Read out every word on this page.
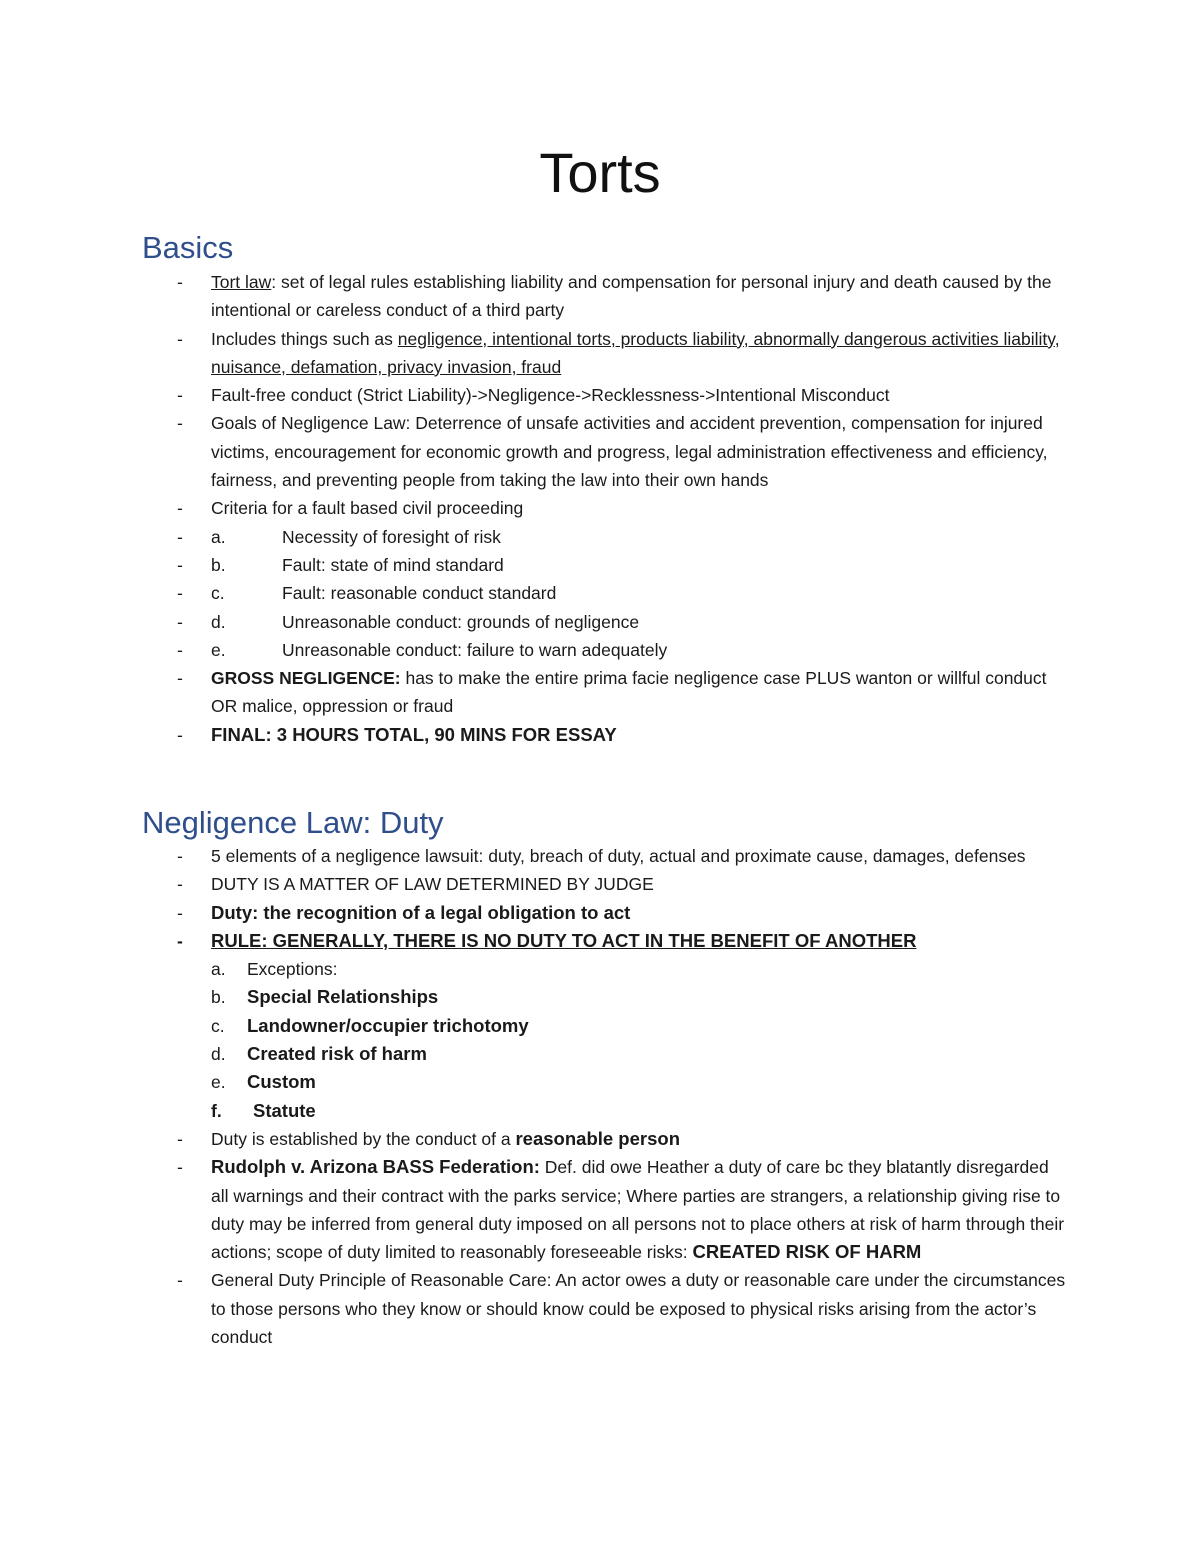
Torts
Basics
- Tort law: set of legal rules establishing liability and compensation for personal injury and death caused by the intentional or careless conduct of a third party
- Includes things such as negligence, intentional torts, products liability, abnormally dangerous activities liability, nuisance, defamation, privacy invasion, fraud
- Fault-free conduct (Strict Liability)->Negligence->Recklessness->Intentional Misconduct
- Goals of Negligence Law: Deterrence of unsafe activities and accident prevention, compensation for injured victims, encouragement for economic growth and progress, legal administration effectiveness and efficiency, fairness, and preventing people from taking the law into their own hands
- Criteria for a fault based civil proceeding
- a.	Necessity of foresight of risk
- b.	Fault: state of mind standard
- c.	Fault: reasonable conduct standard
- d.	Unreasonable conduct: grounds of negligence
- e.	Unreasonable conduct: failure to warn adequately
- GROSS NEGLIGENCE: has to make the entire prima facie negligence case PLUS wanton or willful conduct OR malice, oppression or fraud
- FINAL: 3 HOURS TOTAL, 90 MINS FOR ESSAY
Negligence Law: Duty
- 5 elements of a negligence lawsuit: duty, breach of duty, actual and proximate cause, damages, defenses
- DUTY IS A MATTER OF LAW DETERMINED BY JUDGE
- Duty: the recognition of a legal obligation to act
- RULE: GENERALLY, THERE IS NO DUTY TO ACT IN THE BENEFIT OF ANOTHER
a. Exceptions:
b. Special Relationships
c. Landowner/occupier trichotomy
d. Created risk of harm
e. Custom
f. Statute
- Duty is established by the conduct of a reasonable person
- Rudolph v. Arizona BASS Federation: Def. did owe Heather a duty of care bc they blatantly disregarded all warnings and their contract with the parks service; Where parties are strangers, a relationship giving rise to duty may be inferred from general duty imposed on all persons not to place others at risk of harm through their actions; scope of duty limited to reasonably foreseeable risks: CREATED RISK OF HARM
- General Duty Principle of Reasonable Care: An actor owes a duty or reasonable care under the circumstances to those persons who they know or should know could be exposed to physical risks arising from the actor’s conduct
